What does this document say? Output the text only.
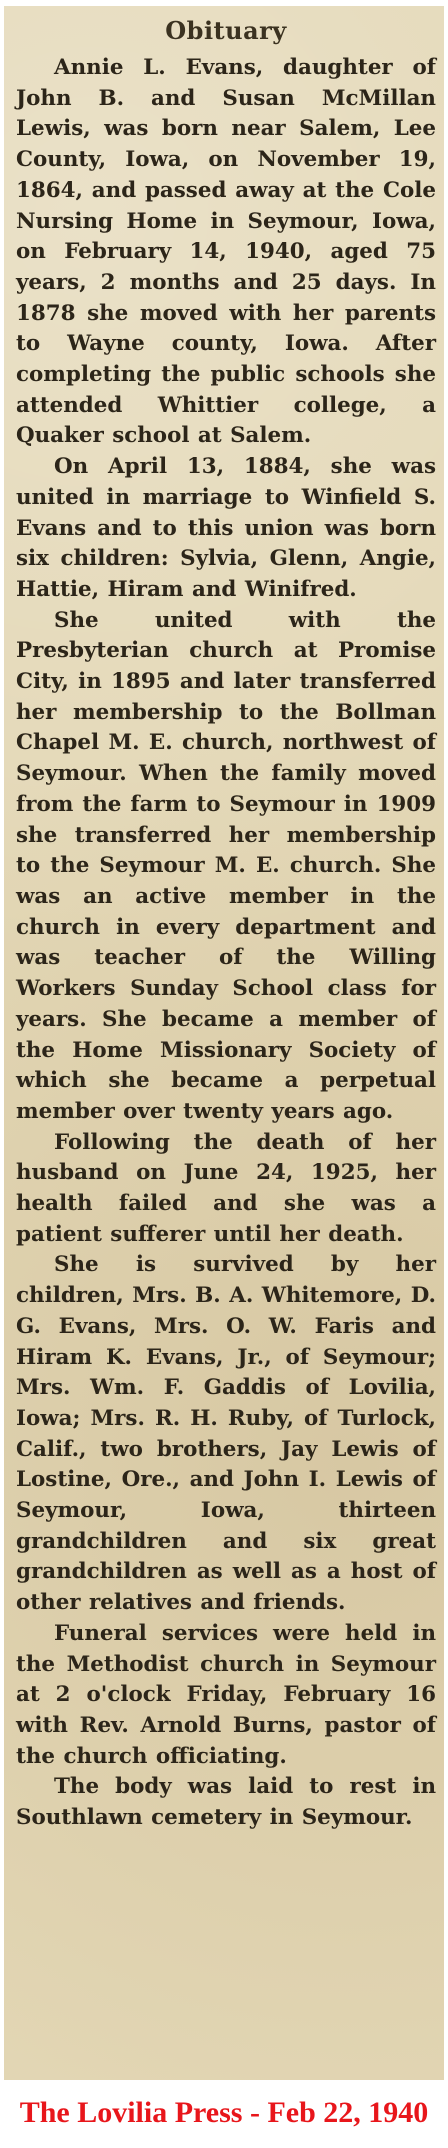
Obituary

Annie L. Evans, daughter of John B. and Susan McMillan Lewis, was born near Salem, Lee County, Iowa, on November 19, 1864, and passed away at the Cole Nursing Home in Seymour, Iowa, on February 14, 1940, aged 75 years, 2 months and 25 days. In 1878 she moved with her parents to Wayne county, Iowa. After completing the public schools she attended Whittier college, a Quaker school at Salem.

On April 13, 1884, she was united in marriage to Winfield S. Evans and to this union was born six children: Sylvia, Glenn, Angie, Hattie, Hiram and Winifred.

She united with the Presbyterian church at Promise City, in 1895 and later transferred her membership to the Bollman Chapel M. E. church, northwest of Seymour. When the family moved from the farm to Seymour in 1909 she transferred her membership to the Seymour M. E. church. She was an active member in the church in every department and was teacher of the Willing Workers Sunday School class for years. She became a member of the Home Missionary Society of which she became a perpetual member over twenty years ago.

Following the death of her husband on June 24, 1925, her health failed and she was a patient sufferer until her death.

She is survived by her children, Mrs. B. A. Whitemore, D. G. Evans, Mrs. O. W. Faris and Hiram K. Evans, Jr., of Seymour; Mrs. Wm. F. Gaddis of Lovilia, Iowa; Mrs. R. H. Ruby, of Turlock, Calif., two brothers, Jay Lewis of Lostine, Ore., and John I. Lewis of Seymour, Iowa, thirteen grandchildren and six great grandchildren as well as a host of other relatives and friends.

Funeral services were held in the Methodist church in Seymour at 2 o'clock Friday, February 16 with Rev. Arnold Burns, pastor of the church officiating.

The body was laid to rest in Southlawn cemetery in Seymour.

The Lovilia Press - Feb 22, 1940
